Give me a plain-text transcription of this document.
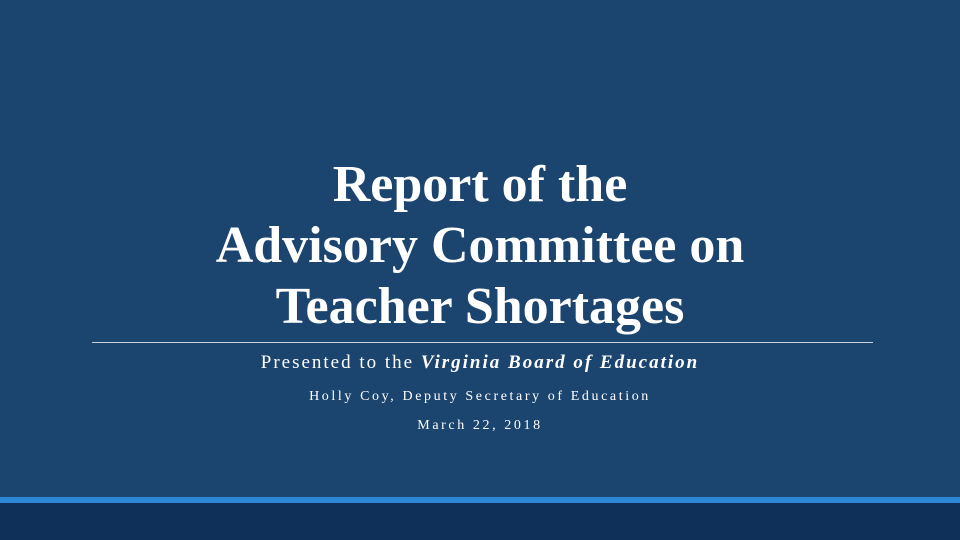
Report of the
Advisory Committee on
Teacher Shortages
Presented to the Virginia Board of Education
Holly Coy, Deputy Secretary of Education
March 22, 2018
